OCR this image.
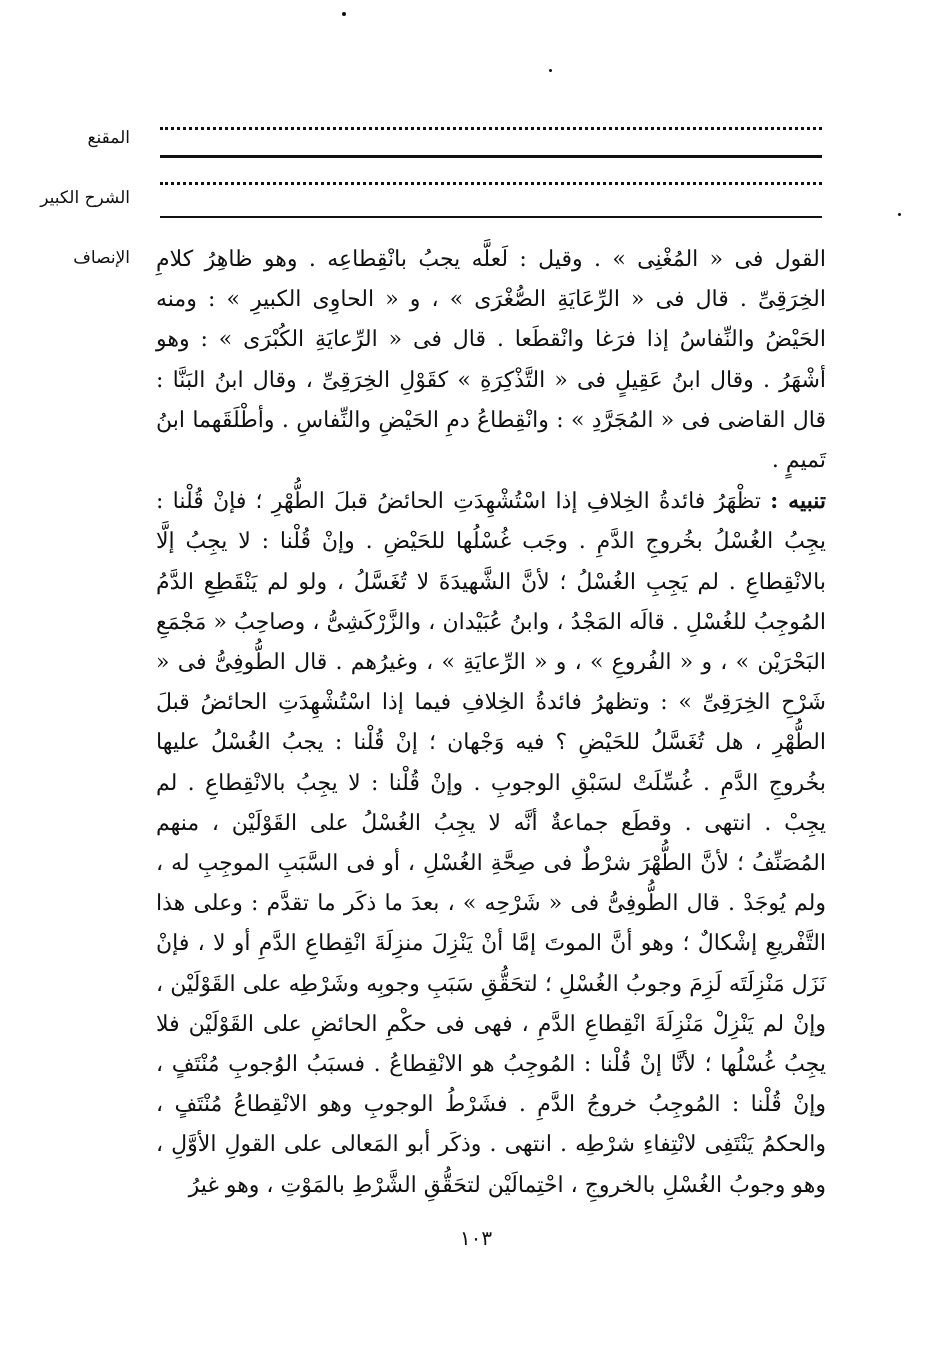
المقنع
الشرح الكبير
الإنصاف القول فى « المُغْنِى » . وقيل : لَعلَّه يجبُ بانْقِطاعِه . وهو ظاهِرُ كلامِ الخِرَقِىِّ . قال فى « الرِّعَايَةِ الصُّغْرَى » ، و « الحاوِى الكبيرِ » : ومنه الحَيْضُ والنِّفاسُ إذا فرَغا وانْقطَعا . قال فى « الرِّعايَةِ الكُبْرَى » : وهو أشْهَرُ . وقال ابنُ عَقِيلٍ فى « التَّذْكِرَةِ » كقَوْلِ الخِرَقِىِّ ، وقال ابنُ البَنَّا : قال القاضى فى « المُجَرَّدِ » : وانْقِطاعُ دمِ الحَيْضِ والنِّفاسِ . وأطْلَقَهما ابنُ تَميمٍ .

تنبيه : تظْهَرُ فائدةُ الخِلافِ إذا اسْتُشْهِدَتِ الحائضُ قبلَ الطُّهْرِ ؛ فإنْ قُلْنا : يجِبُ الغُسْلُ بخُروجِ الدَّمِ . وجَب غُسْلُها للحَيْضِ . وإنْ قُلْنا : لا يجِبُ إلَّا بالانْقِطاعِ . لم يَجِبِ الغُسْلُ ؛ لأنَّ الشَّهيدَةَ لا تُغَسَّلُ ، ولو لم يَنْقَطِعِ الدَّمُ المُوجِبُ للغُسْلِ . قالَه المَجْدُ ، وابنُ عُبَيْدان ، والزَّرْكَشِىُّ ، وصاحِبُ « مَجْمَعِ البَحْرَيْن » ، و « الفُروعِ » ، و « الرِّعايَةِ » ، وغيرُهم . قال الطُّوفِىُّ فى « شَرْحِ الخِرَقِىِّ » : وتظهرُ فائدةُ الخِلافِ فيما إذا اسْتُشْهِدَتِ الحائضُ قبلَ الطُّهْرِ ، هل تُغَسَّلُ للحَيْضِ ؟ فيه وَجْهان ؛ إنْ قُلْنا : يجبُ الغُسْلُ عليها بخُروجِ الدَّمِ . غُسِّلَتْ لسَبْقِ الوجوبِ . وإنْ قُلْنا : لا يجِبُ بالانْقِطاعِ . لم يجِبْ . انتهى . وقطَع جماعةٌ أنَّه لا يجِبُ الغُسْلُ على القَوْلَيْن ، منهم المُصَنِّفُ ؛ لأنَّ الطُّهْرَ شرْطٌ فى صِحَّةِ الغُسْلِ ، أو فى السَّبَبِ الموجِبِ له ، ولم يُوجَدْ . قال الطُّوفِىُّ فى « شَرْحِه » ، بعدَ ما ذكَر ما تقدَّم : وعلى هذا التَّفْريعِ إشْكالٌ ؛ وهو أنَّ الموتَ إمَّا أنْ يَنْزِلَ منزِلَةَ انْقِطاعِ الدَّمِ أو لا ، فإنْ نَزَل مَنْزِلَتَه لَزِمَ وجوبُ الغُسْلِ ؛ لتحَقُّقِ سَبَبِ وجوبِه وشَرْطِه على القَوْلَيْن ، وإنْ لم يَنْزِلْ مَنْزِلَةَ انْقِطاعِ الدَّمِ ، فهى فى حكْمِ الحائضِ على القَوْلَيْن فلا يجِبُ غُسْلُها ؛ لأنَّا إنْ قُلْنا : المُوجِبُ هو الانْقِطاعُ . فسبَبُ الوُجوبِ مُنْتَفٍ ، وإنْ قُلْنا : المُوجِبُ خروجُ الدَّمِ . فشَرْطُ الوجوبِ وهو الانْقِطاعُ مُنْتَفٍ ، والحكمُ يَنْتَفِى لانْتِفاءِ شرْطِه . انتهى . وذكَر أبو المَعالى على القولِ الأوَّلِ ، وهو وجوبُ الغُسْلِ بالخروجِ ، احْتِمالَيْن لتحَقُّقِ الشَّرْطِ بالمَوْتِ ، وهو غيرُ

١٠٣
